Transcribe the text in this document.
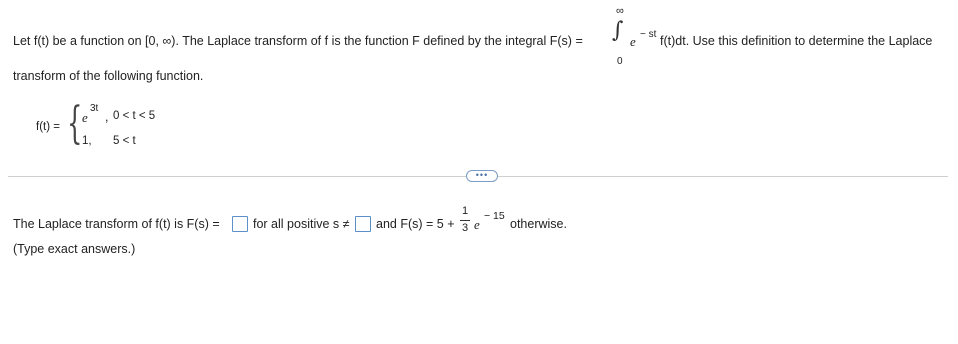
Let f(t) be a function on [0, ∞). The Laplace transform of f is the function F defined by the integral F(s) =
∞
∫
0
e − st f(t)dt. Use this definition to determine the Laplace
transform of the following function.
f(t) = { e
3t
, 0 < t < 5
1, 5 < t
•••
The Laplace transform of f(t) is F(s) =	for all positive s ≠ and F(s) = 5 +
1
3 e
− 15
otherwise.
(Type exact answers.)
